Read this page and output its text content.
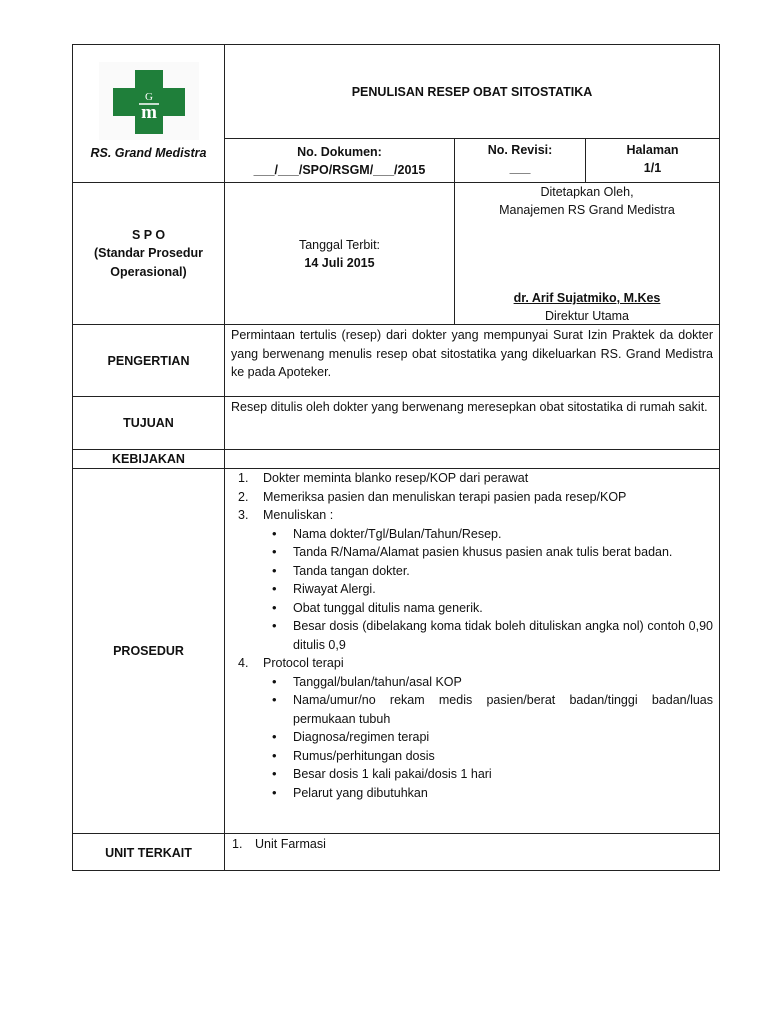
G
m
RS. Grand Medistra
PENULISAN RESEP OBAT SITOSTATIKA
No. Dokumen:
___/___/SPO/RSGM/___/2015
No. Revisi:
___
Halaman
1/1
S P O
(Standar Prosedur
Operasional)
Tanggal Terbit:
14 Juli 2015
Ditetapkan Oleh,
Manajemen RS Grand Medistra
dr. Arif Sujatmiko, M.Kes
Direktur Utama
PENGERTIAN
Permintaan tertulis (resep) dari dokter yang mempunyai Surat Izin Praktek da dokter yang berwenang menulis resep obat sitostatika yang dikeluarkan RS. Grand Medistra ke pada Apoteker.
TUJUAN
Resep ditulis oleh dokter yang berwenang meresepkan obat sitostatika di rumah sakit.
KEBIJAKAN
PROSEDUR
1. Dokter meminta blanko resep/KOP dari perawat
2. Memeriksa pasien dan menuliskan terapi pasien pada resep/KOP
3. Menuliskan :
• Nama dokter/Tgl/Bulan/Tahun/Resep.
• Tanda R/Nama/Alamat pasien khusus pasien anak tulis berat badan.
• Tanda tangan dokter.
• Riwayat Alergi.
• Obat tunggal ditulis nama generik.
• Besar dosis (dibelakang koma tidak boleh dituliskan angka nol) contoh 0,90 ditulis 0,9
4. Protocol terapi
• Tanggal/bulan/tahun/asal KOP
• Nama/umur/no rekam medis pasien/berat badan/tinggi badan/luas permukaan tubuh
• Diagnosa/regimen terapi
• Rumus/perhitungan dosis
• Besar dosis 1 kali pakai/dosis 1 hari
• Pelarut yang dibutuhkan
UNIT TERKAIT
1. Unit Farmasi
